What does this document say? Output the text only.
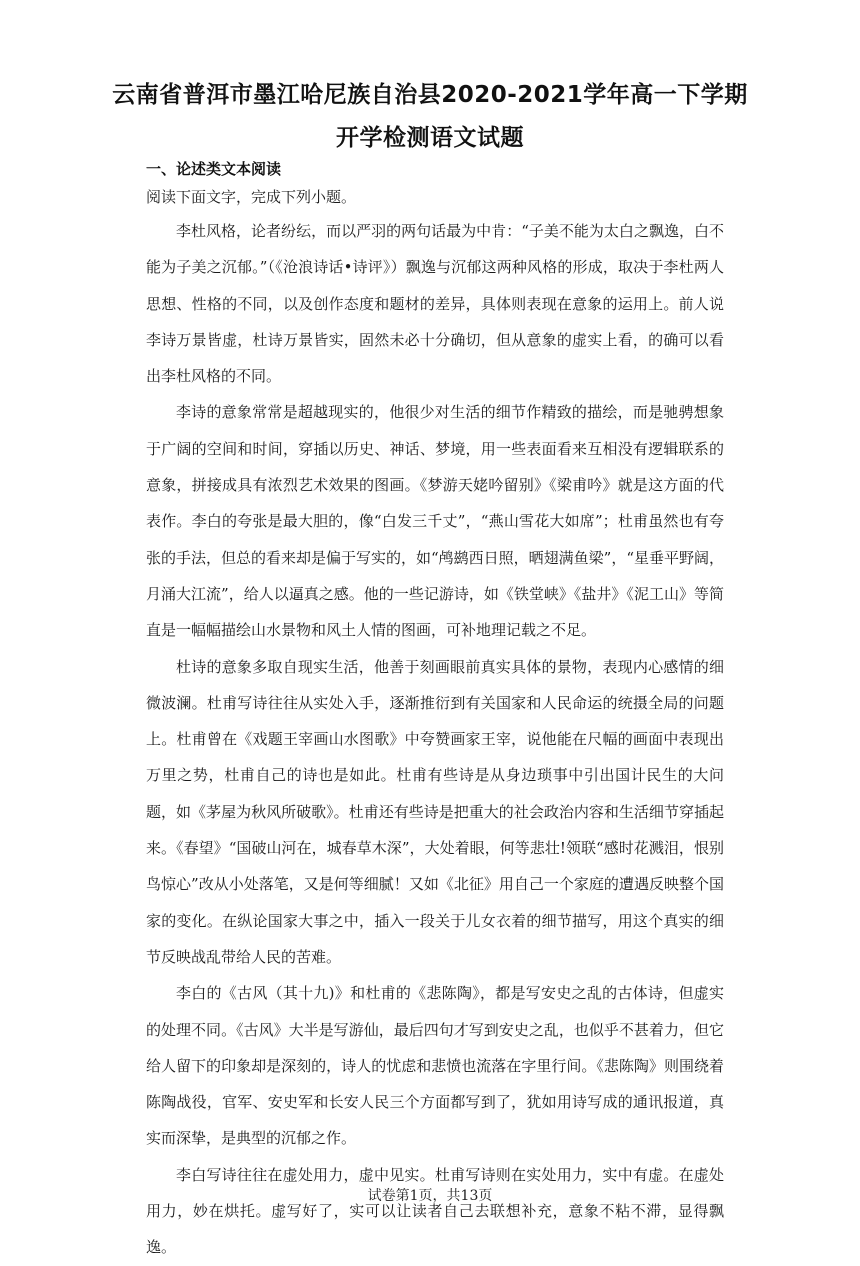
云南省普洱市墨江哈尼族自治县2020-2021学年高一下学期
开学检测语文试题
一、论述类文本阅读
阅读下面文字，完成下列小题。

李杜风格，论者纷纭，而以严羽的两句话最为中肯：“子美不能为太白之飘逸，白不能为子美之沉郁。”（《沧浪诗话•诗评》）飘逸与沉郁这两种风格的形成，取决于李杜两人思想、性格的不同，以及创作态度和题材的差异，具体则表现在意象的运用上。前人说李诗万景皆虚，杜诗万景皆实，固然未必十分确切，但从意象的虚实上看，的确可以看出李杜风格的不同。

李诗的意象常常是超越现实的，他很少对生活的细节作精致的描绘，而是驰骋想象于广阔的空间和时间，穿插以历史、神话、梦境，用一些表面看来互相没有逻辑联系的意象，拼接成具有浓烈艺术效果的图画。《梦游天姥吟留别》《梁甫吟》就是这方面的代表作。李白的夸张是最大胆的，像“白发三千丈”，“燕山雪花大如席”；杜甫虽然也有夸张的手法，但总的看来却是偏于写实的，如“鸬鹚西日照，晒翅满鱼梁”，“星垂平野阔，月涌大江流”，给人以逼真之感。他的一些记游诗，如《铁堂峡》《盐井》《泥工山》等简直是一幅幅描绘山水景物和风土人情的图画，可补地理记载之不足。

杜诗的意象多取自现实生活，他善于刻画眼前真实具体的景物，表现内心感情的细微波澜。杜甫写诗往往从实处入手，逐渐推衍到有关国家和人民命运的统摄全局的问题上。杜甫曾在《戏题王宰画山水图歌》中夸赞画家王宰，说他能在尺幅的画面中表现出万里之势，杜甫自己的诗也是如此。杜甫有些诗是从身边琐事中引出国计民生的大问题，如《茅屋为秋风所破歌》。杜甫还有些诗是把重大的社会政治内容和生活细节穿插起来。《春望》“国破山河在，城春草木深”，大处着眼，何等悲壮!领联“感时花溅泪，恨别鸟惊心”改从小处落笔，又是何等细腻！又如《北征》用自己一个家庭的遭遇反映整个国家的变化。在纵论国家大事之中，插入一段关于儿女衣着的细节描写，用这个真实的细节反映战乱带给人民的苦难。

李白的《古风（其十九)》和杜甫的《悲陈陶》，都是写安史之乱的古体诗，但虚实的处理不同。《古风》大半是写游仙，最后四句才写到安史之乱，也似乎不甚着力，但它给人留下的印象却是深刻的，诗人的忧虑和悲愤也流落在字里行间。《悲陈陶》则围绕着陈陶战役，官军、安史军和长安人民三个方面都写到了，犹如用诗写成的通讯报道，真实而深挚，是典型的沉郁之作。

李白写诗往往在虚处用力，虚中见实。杜甫写诗则在实处用力，实中有虚。在虚处用力，妙在烘托。虚写好了，实可以让读者自己去联想补充，意象不粘不滞，显得飘逸。

试卷第1页，共13页
